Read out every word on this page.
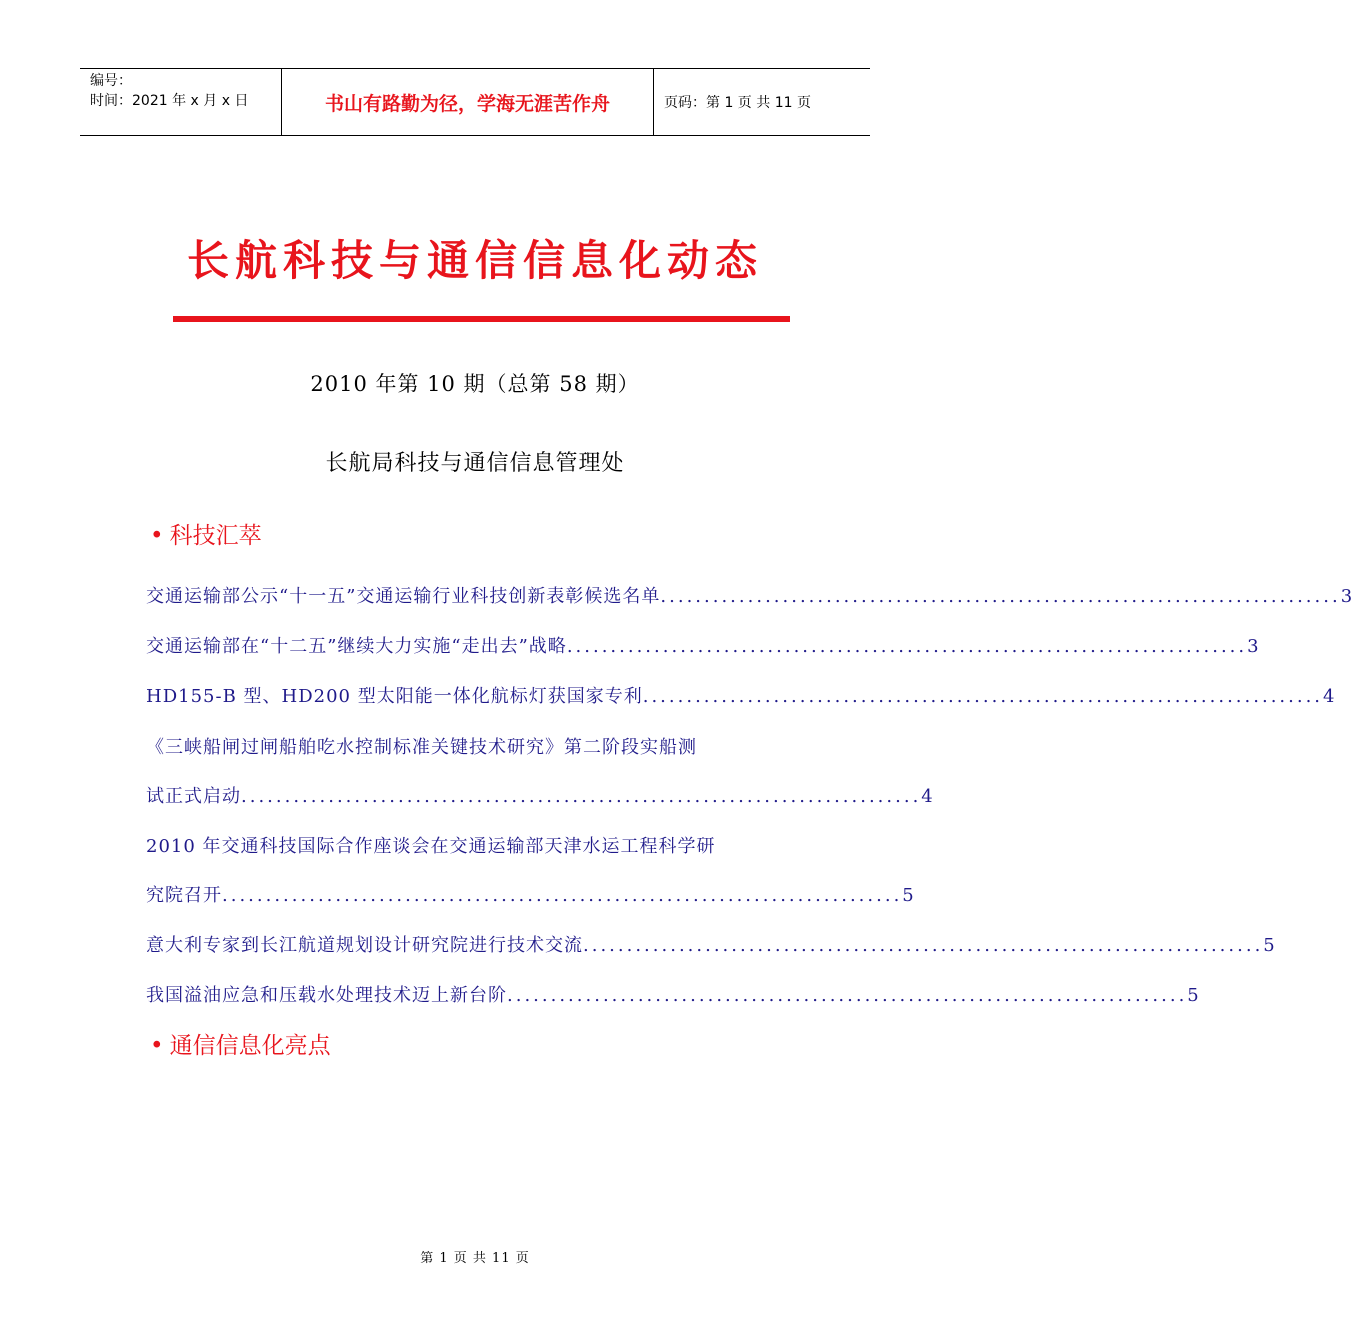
编号：
时间：2021 年 x 月 x 日	书山有路勤为径，学海无涯苦作舟	页码：第 1 页 共 11 页
长航科技与通信信息化动态
2010 年第 10 期（总第 58 期）
长航局科技与通信信息管理处
• 科技汇萃
交通运输部公示“十一五”交通运输行业科技创新表彰候选名单 .............................................................................. 3
交通运输部在“十二五”继续大力实施“走出去”战略 .............................................................................. 3
HD155-B 型、HD200 型太阳能一体化航标灯获国家专利 .............................................................................. 4
《三峡船闸过闸船舶吃水控制标准关键技术研究》第二阶段实船测
试正式启动 .............................................................................. 4
2010 年交通科技国际合作座谈会在交通运输部天津水运工程科学研
究院召开 .............................................................................. 5
意大利专家到长江航道规划设计研究院进行技术交流 .............................................................................. 5
我国溢油应急和压载水处理技术迈上新台阶 .............................................................................. 5
• 通信信息化亮点
第 1 页 共 11 页
